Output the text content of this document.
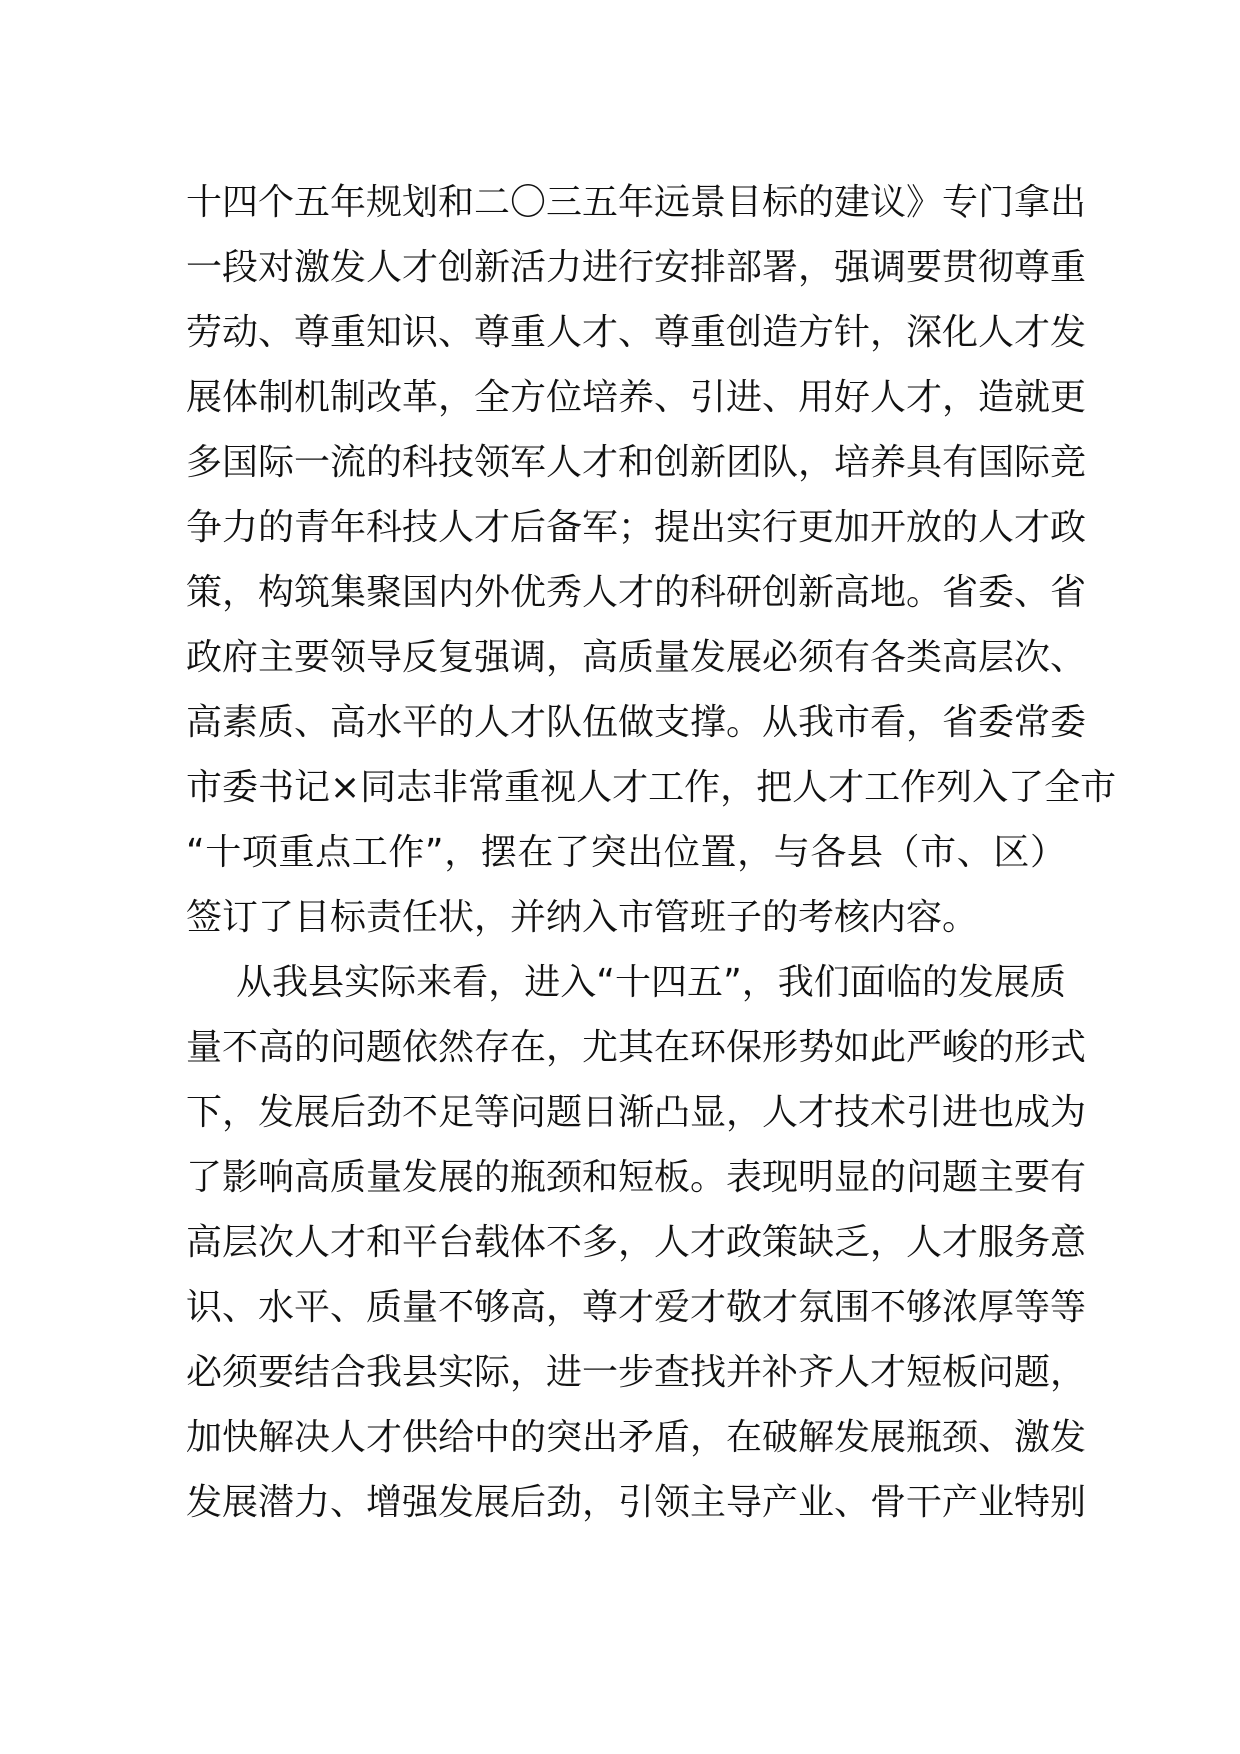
十四个五年规划和二〇三五年远景目标的建议》专门拿出
一段对激发人才创新活力进行安排部署，强调要贯彻尊重
劳动、尊重知识、尊重人才、尊重创造方针，深化人才发
展体制机制改革，全方位培养、引进、用好人才，造就更
多国际一流的科技领军人才和创新团队，培养具有国际竞
争力的青年科技人才后备军；提出实行更加开放的人才政
策，构筑集聚国内外优秀人才的科研创新高地。省委、省
政府主要领导反复强调，高质量发展必须有各类高层次、
高素质、高水平的人才队伍做支撑。从我市看，省委常委
市委书记×同志非常重视人才工作，把人才工作列入了全市
“十项重点工作”，摆在了突出位置，与各县（市、区）
签订了目标责任状，并纳入市管班子的考核内容。
从我县实际来看，进入“十四五”，我们面临的发展质
量不高的问题依然存在，尤其在环保形势如此严峻的形式
下，发展后劲不足等问题日渐凸显，人才技术引进也成为
了影响高质量发展的瓶颈和短板。表现明显的问题主要有
高层次人才和平台载体不多，人才政策缺乏，人才服务意
识、水平、质量不够高，尊才爱才敬才氛围不够浓厚等等
必须要结合我县实际，进一步查找并补齐人才短板问题，
加快解决人才供给中的突出矛盾，在破解发展瓶颈、激发
发展潜力、增强发展后劲，引领主导产业、骨干产业特别
